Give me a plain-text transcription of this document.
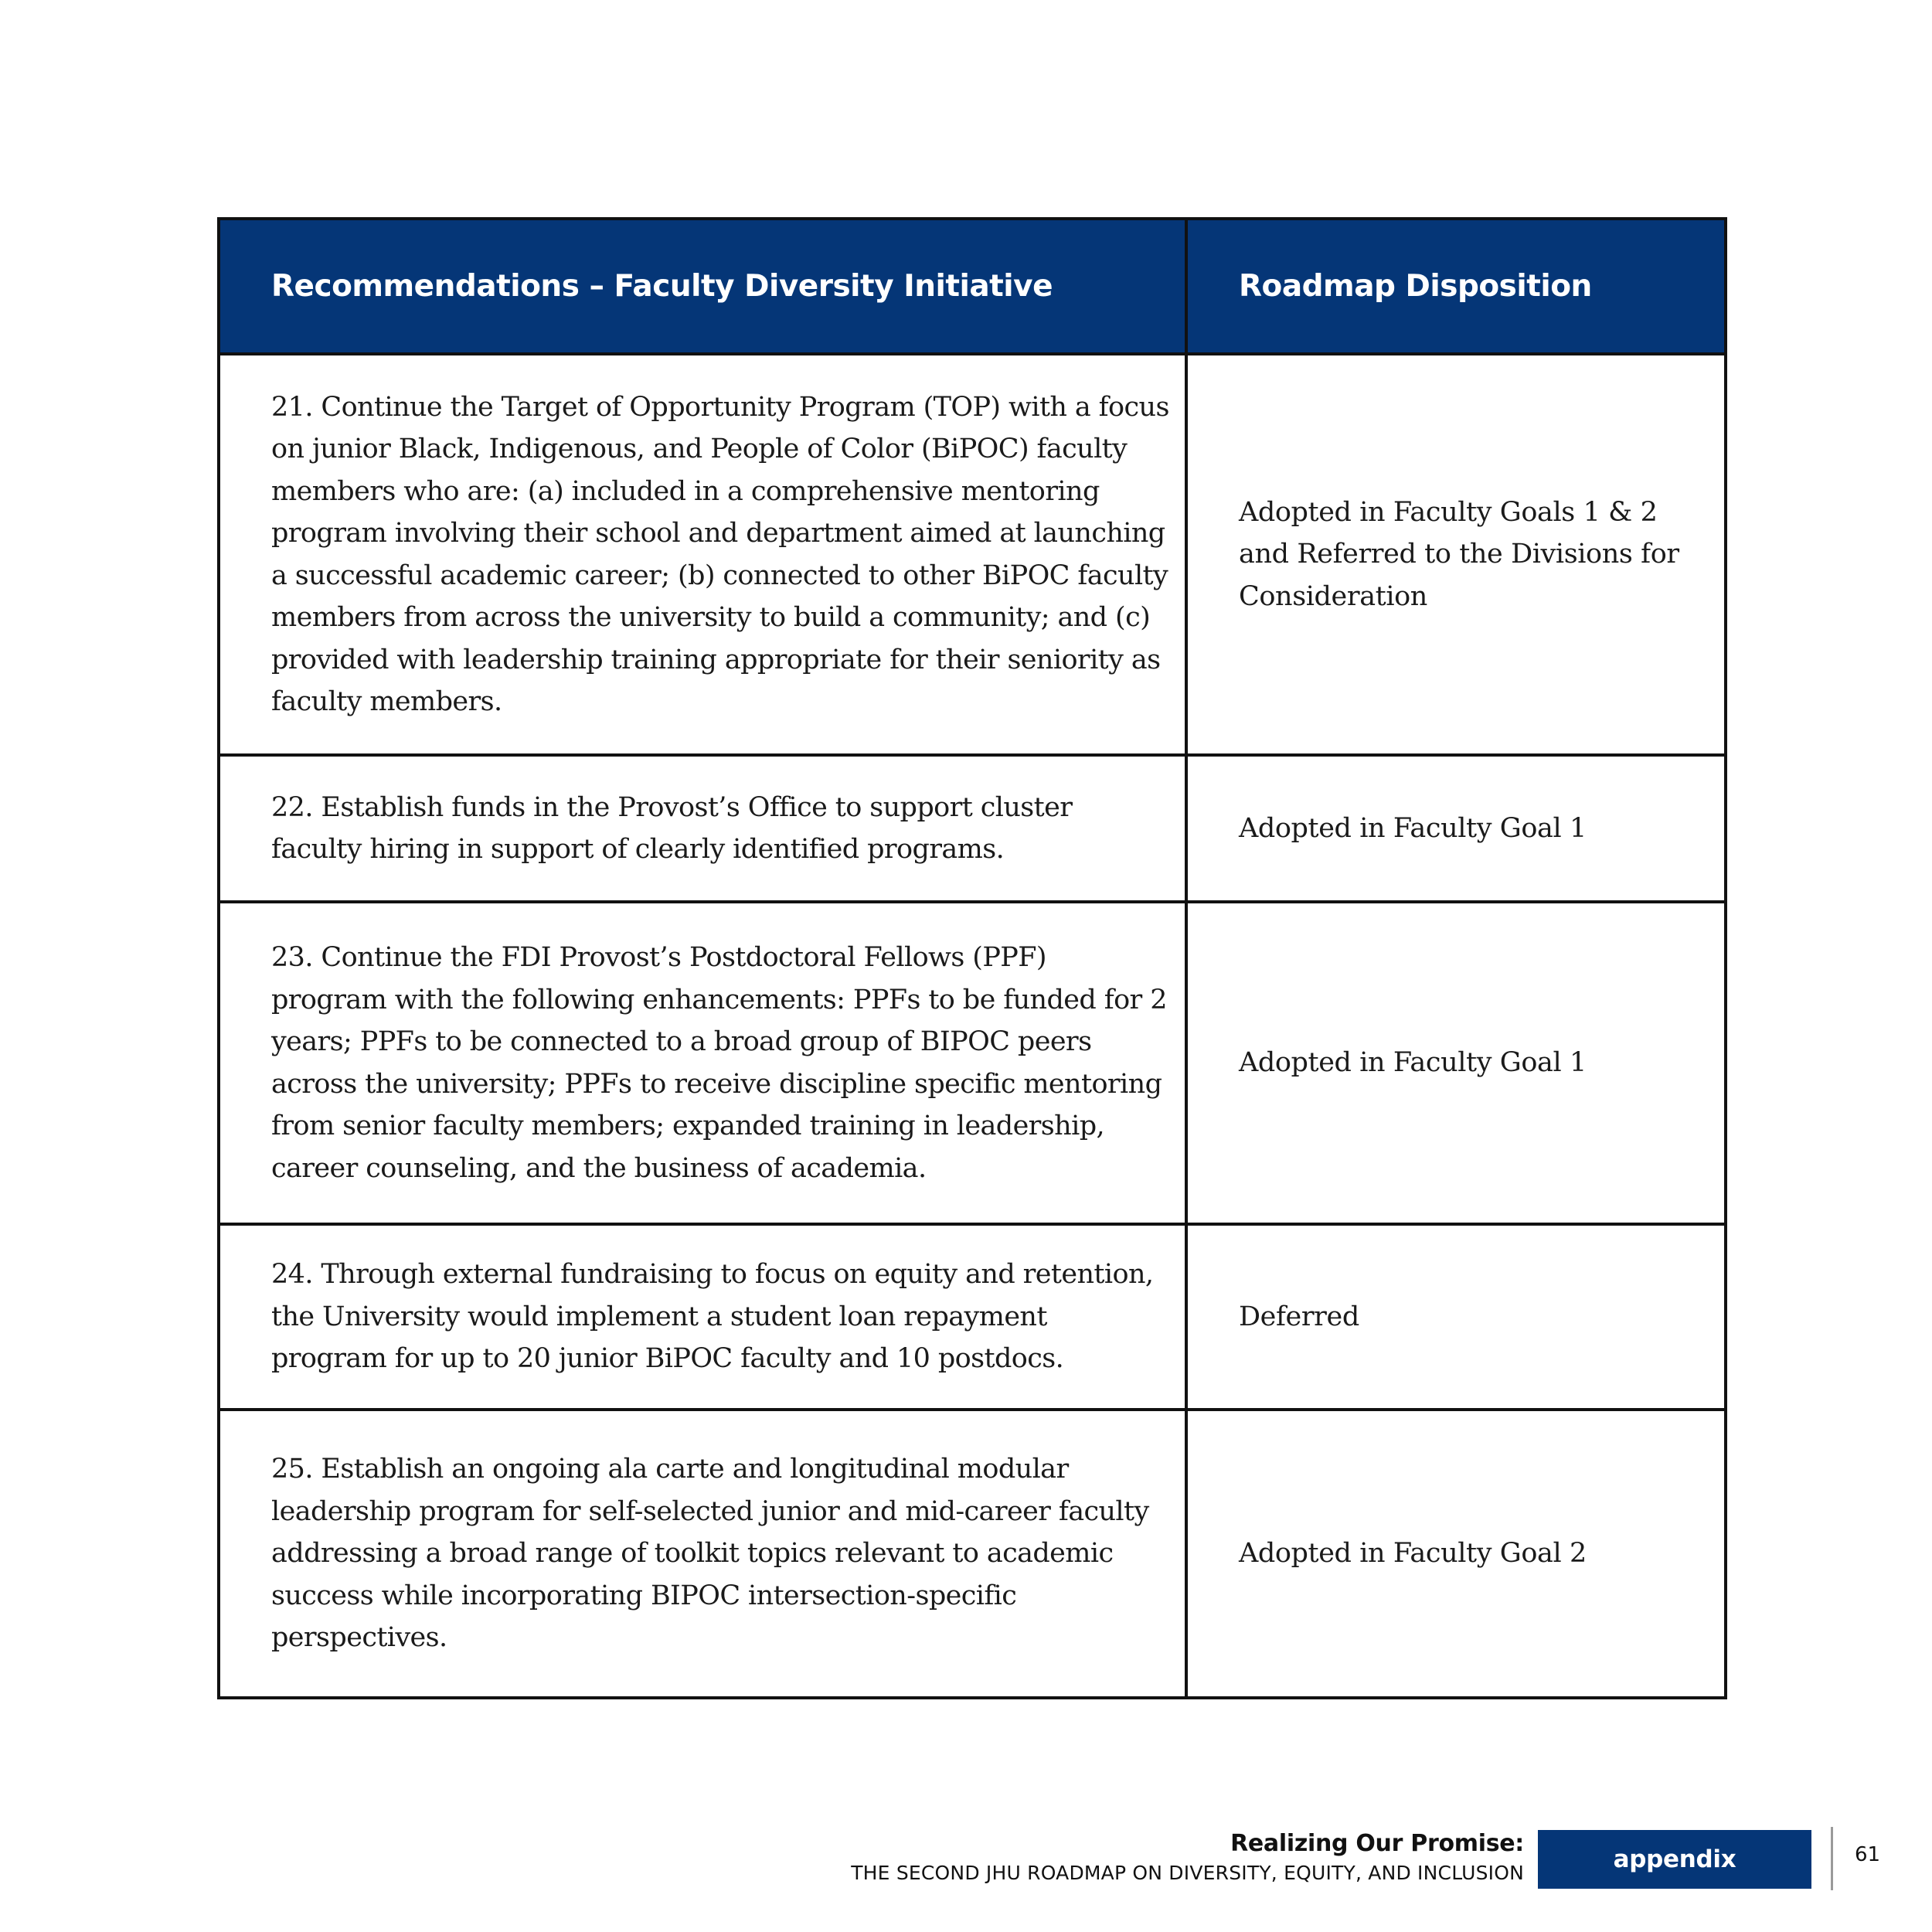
Recommendations – Faculty Diversity Initiative	Roadmap Disposition
21. Continue the Target of Opportunity Program (TOP) with a focus on junior Black, Indigenous, and People of Color (BiPOC) faculty members who are: (a) included in a comprehensive mentoring program involving their school and department aimed at launching a successful academic career; (b) connected to other BiPOC faculty members from across the university to build a community; and (c) provided with leadership training appropriate for their seniority as faculty members.	Adopted in Faculty Goals 1 & 2 and Referred to the Divisions for Consideration
22. Establish funds in the Provost’s Office to support cluster faculty hiring in support of clearly identified programs.	Adopted in Faculty Goal 1
23. Continue the FDI Provost’s Postdoctoral Fellows (PPF) program with the following enhancements: PPFs to be funded for 2 years; PPFs to be connected to a broad group of BIPOC peers across the university; PPFs to receive discipline specific mentoring from senior faculty members; expanded training in leadership, career counseling, and the business of academia.	Adopted in Faculty Goal 1
24. Through external fundraising to focus on equity and retention, the University would implement a student loan repayment program for up to 20 junior BiPOC faculty and 10 postdocs.	Deferred
25. Establish an ongoing ala carte and longitudinal modular leadership program for self-selected junior and mid-career faculty addressing a broad range of toolkit topics relevant to academic success while incorporating BIPOC intersection-specific perspectives.	Adopted in Faculty Goal 2
Realizing Our Promise:
THE SECOND JHU ROADMAP ON DIVERSITY, EQUITY, AND INCLUSION	appendix	61
